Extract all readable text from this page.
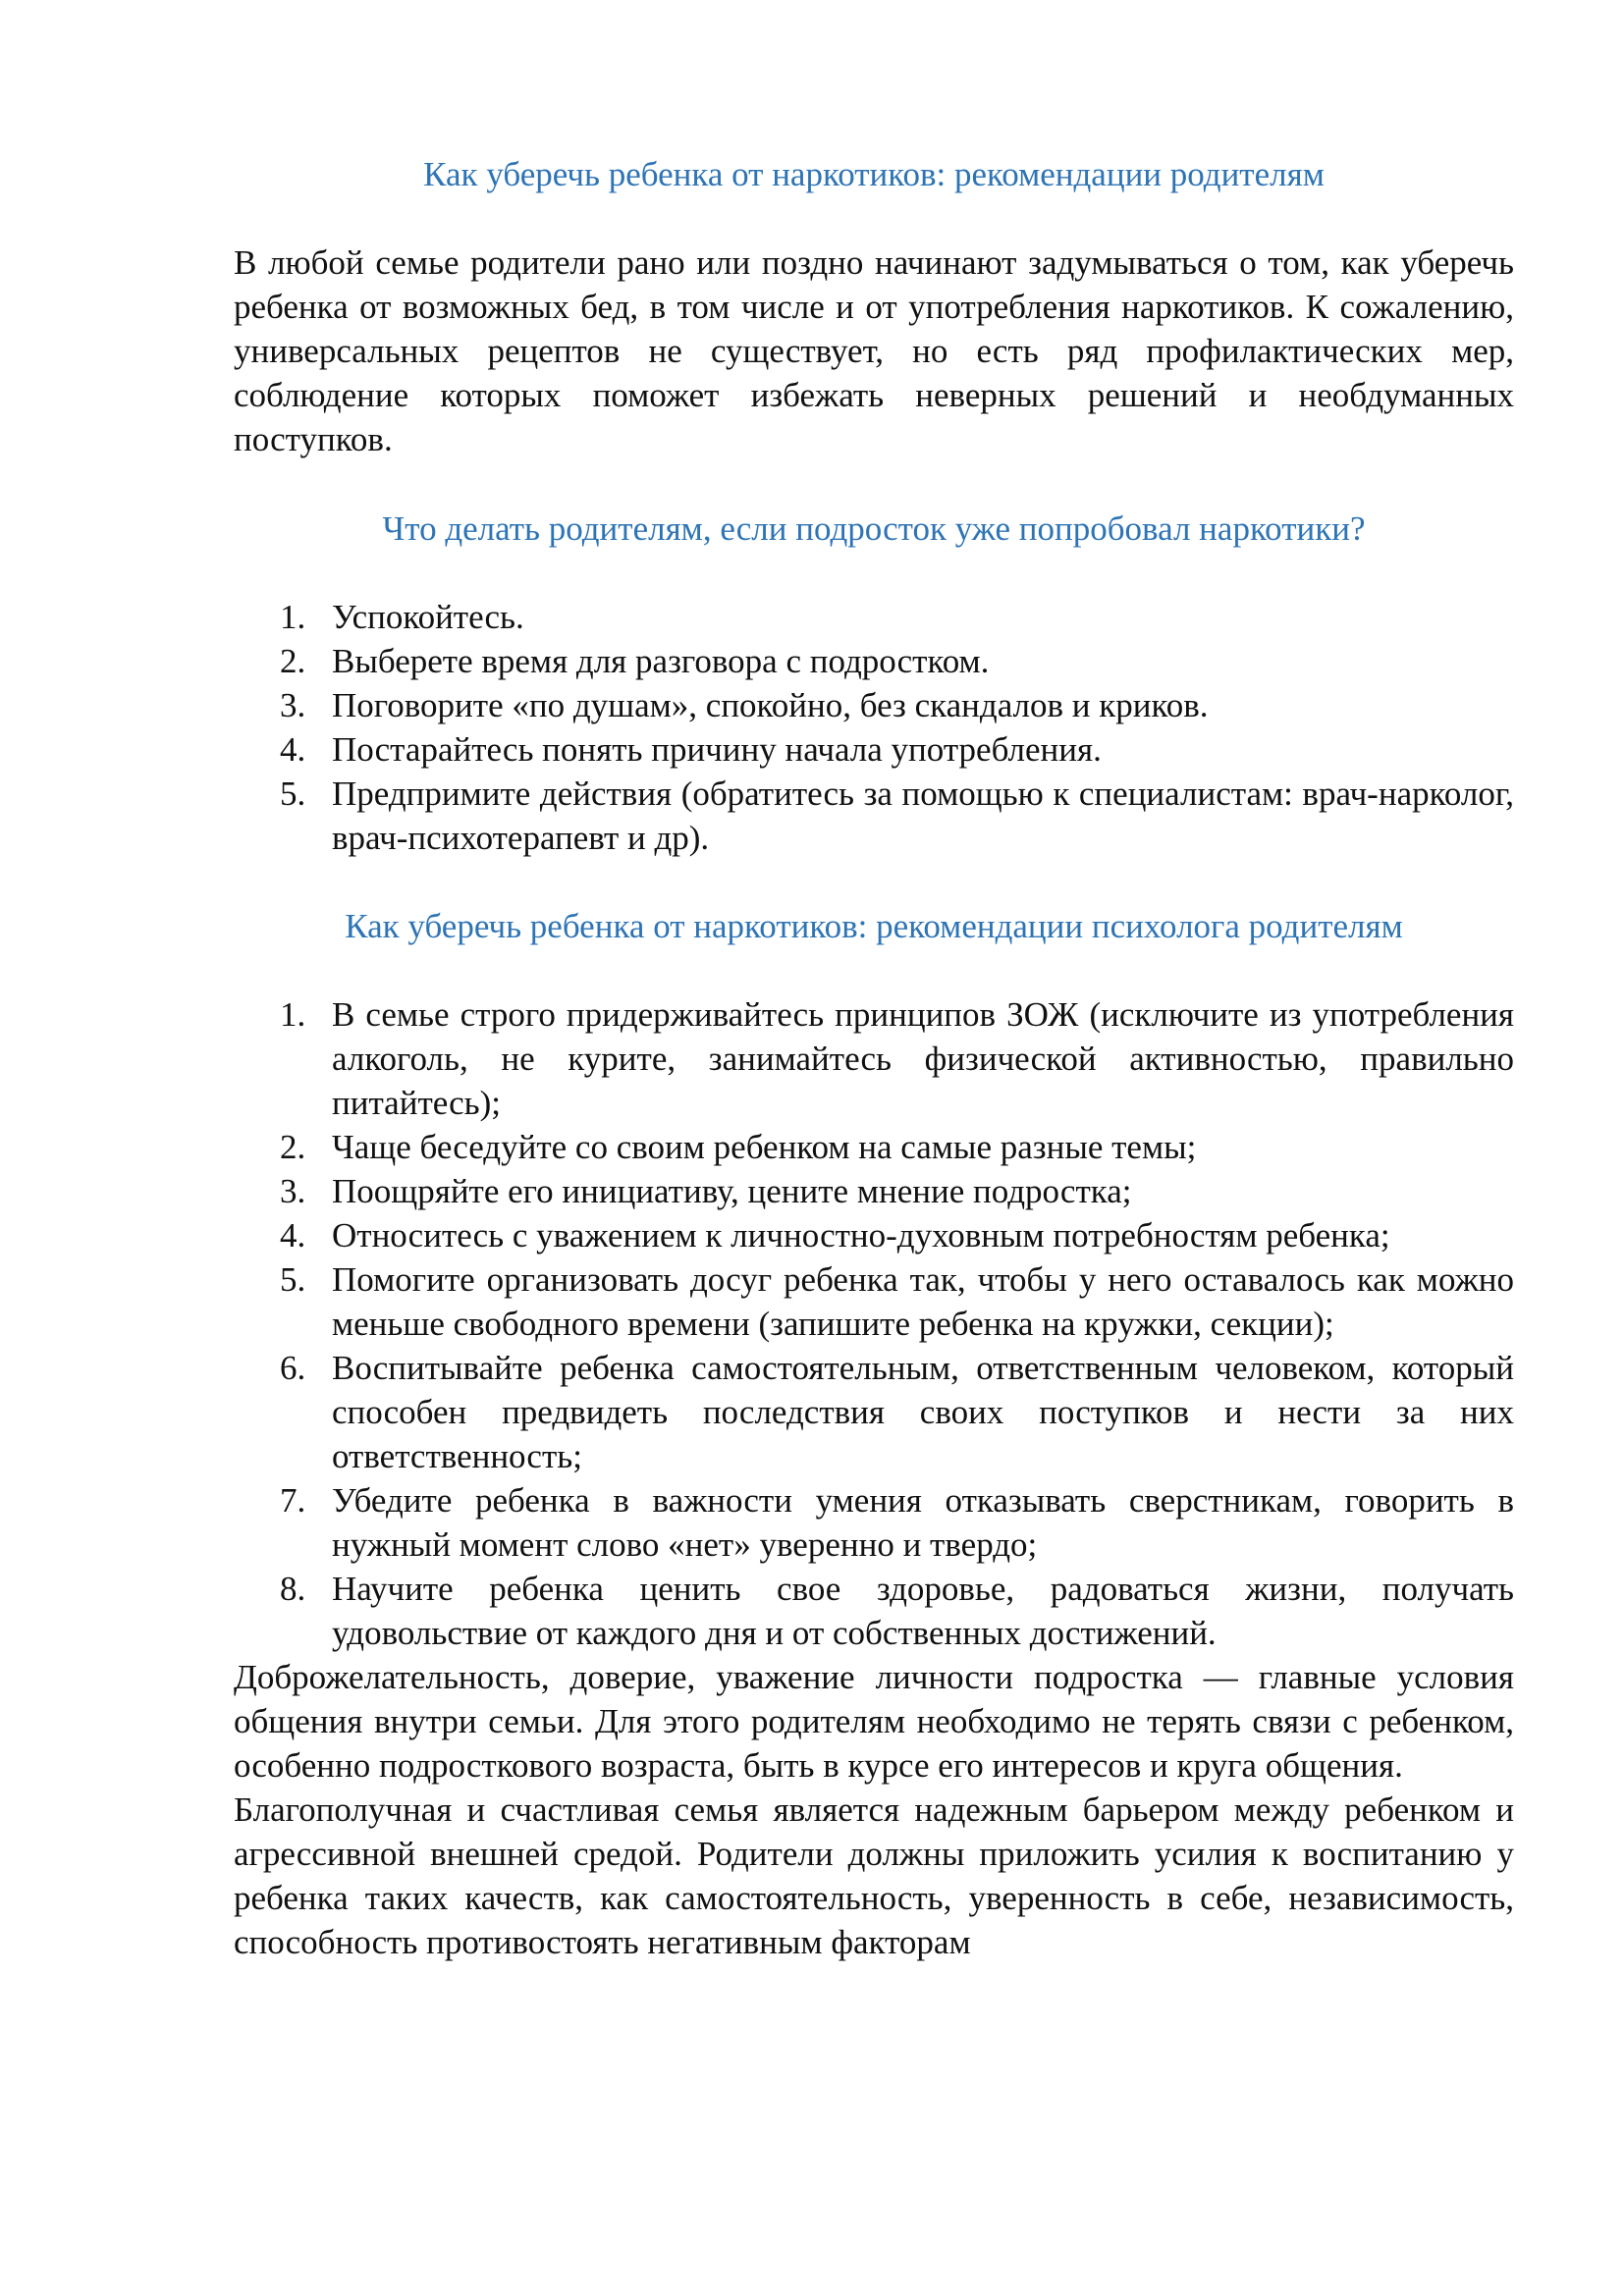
Как уберечь ребенка от наркотиков: рекомендации родителям

В любой семье родители рано или поздно начинают задумываться о том, как уберечь ребенка от возможных бед, в том числе и от употребления наркотиков. К сожалению, универсальных рецептов не существует, но есть ряд профилактических мер, соблюдение которых поможет избежать неверных решений и необдуманных поступков.

Что делать родителям, если подросток уже попробовал наркотики?
1. Успокойтесь.
2. Выберете время для разговора с подростком.
3. Поговорите «по душам», спокойно, без скандалов и криков.
4. Постарайтесь понять причину начала употребления.
5. Предпримите действия (обратитесь за помощью к специалистам: врач-нарколог, врач-психотерапевт и др).
Как уберечь ребенка от наркотиков: рекомендации психолога родителям
1. В семье строго придерживайтесь принципов ЗОЖ (исключите из употребления алкоголь, не курите, занимайтесь физической активностью, правильно питайтесь);
2. Чаще беседуйте со своим ребенком на самые разные темы;
3. Поощряйте его инициативу, цените мнение подростка;
4. Относитесь с уважением к личностно-духовным потребностям ребенка;
5. Помогите организовать досуг ребенка так, чтобы у него оставалось как можно меньше свободного времени (запишите ребенка на кружки, секции);
6. Воспитывайте ребенка самостоятельным, ответственным человеком, который способен предвидеть последствия своих поступков и нести за них ответственность;
7. Убедите ребенка в важности умения отказывать сверстникам, говорить в нужный момент слово «нет» уверенно и твердо;
8. Научите ребенка ценить свое здоровье, радоваться жизни, получать удовольствие от каждого дня и от собственных достижений.

Доброжелательность, доверие, уважение личности подростка — главные условия общения внутри семьи. Для этого родителям необходимо не терять связи с ребенком, особенно подросткового возраста, быть в курсе его интересов и круга общения.

Благополучная и счастливая семья является надежным барьером между ребенком и агрессивной внешней средой. Родители должны приложить усилия к воспитанию у ребенка таких качеств, как самостоятельность, уверенность в себе, независимость, способность противостоять негативным факторам
